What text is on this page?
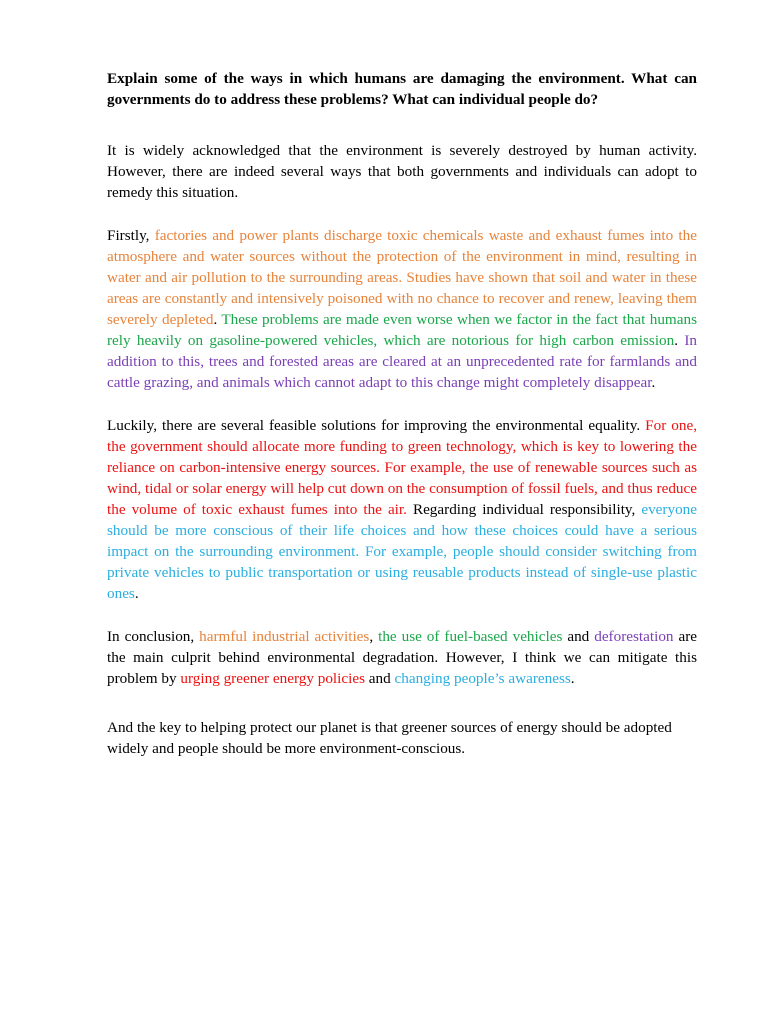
Explain some of the ways in which humans are damaging the environment. What can governments do to address these problems? What can individual people do?

It is widely acknowledged that the environment is severely destroyed by human activity. However, there are indeed several ways that both governments and individuals can adopt to remedy this situation.

Firstly, factories and power plants discharge toxic chemicals waste and exhaust fumes into the atmosphere and water sources without the protection of the environment in mind, resulting in water and air pollution to the surrounding areas. Studies have shown that soil and water in these areas are constantly and intensively poisoned with no chance to recover and renew, leaving them severely depleted. These problems are made even worse when we factor in the fact that humans rely heavily on gasoline-powered vehicles, which are notorious for high carbon emission. In addition to this, trees and forested areas are cleared at an unprecedented rate for farmlands and cattle grazing, and animals which cannot adapt to this change might completely disappear.

Luckily, there are several feasible solutions for improving the environmental equality. For one, the government should allocate more funding to green technology, which is key to lowering the reliance on carbon-intensive energy sources. For example, the use of renewable sources such as wind, tidal or solar energy will help cut down on the consumption of fossil fuels, and thus reduce the volume of toxic exhaust fumes into the air. Regarding individual responsibility, everyone should be more conscious of their life choices and how these choices could have a serious impact on the surrounding environment. For example, people should consider switching from private vehicles to public transportation or using reusable products instead of single-use plastic ones.

In conclusion, harmful industrial activities, the use of fuel-based vehicles and deforestation are the main culprit behind environmental degradation. However, I think we can mitigate this problem by urging greener energy policies and changing people’s awareness.

And the key to helping protect our planet is that greener sources of energy should be adopted widely and people should be more environment-conscious.
